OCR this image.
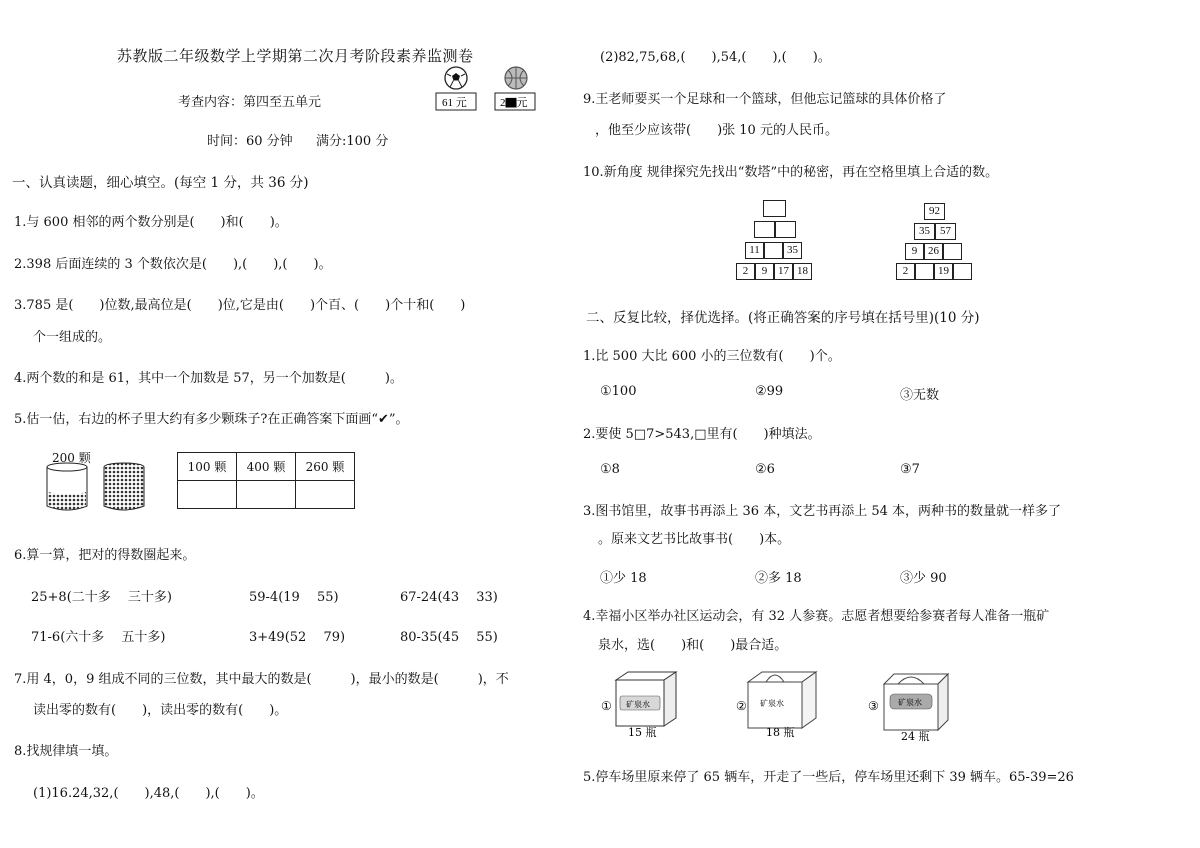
苏教版二年级数学上学期第二次月考阶段素养监测卷
考查内容：第四至五单元
时间：60 分钟 满分:100 分
61 元	2▇元
一、认真读题，细心填空。(每空 1 分，共 36 分)
1.与 600 相邻的两个数分别是(　　)和(　　)。
2.398 后面连续的 3 个数依次是(　　),(　　),(　　)。
3.785 是(　　)位数,最高位是(　　)位,它是由(　　)个百、(　　)个十和(　　)
个一组成的。
4.两个数的和是 61，其中一个加数是 57，另一个加数是(　　　)。
5.估一估，右边的杯子里大约有多少颗珠子?在正确答案下面画“✔”。
200 颗
100 颗	400 颗	260 颗

6.算一算，把对的得数圈起来。
25+8(二十多　 三十多)	59-4(19　 55)	67-24(43　 33)
71-6(六十多　 五十多)	3+49(52　 79)	80-35(45　 55)
7.用 4，0，9 组成不同的三位数，其中最大的数是(　　　)，最小的数是(　　　)，不
读出零的数有(　　)，读出零的数有(　　)。
8.找规律填一填。
(1)16.24,32,(　　),48,(　　),(　　)。
(2)82,75,68,(　　),54,(　　),(　　)。
9.王老师要买一个足球和一个篮球，但他忘记篮球的具体价格了
，他至少应该带(　　)张 10 元的人民币。
10.新角度 规律探究先找出“数塔”中的秘密，再在空格里填上合适的数。
11	35
2	9 17 18
92
35 57
9 26
2	19
二、反复比较，择优选择。(将正确答案的序号填在括号里)(10 分)
1.比 500 大比 600 小的三位数有(　　)个。
①100	②99	③无数
2.要使 5□7>543,□里有(　　)种填法。
①8	②6	③7
3.图书馆里，故事书再添上 36 本，文艺书再添上 54 本，两种书的数量就一样多了
。原来文艺书比故事书(　　)本。
①少 18	②多 18	③少 90
4.幸福小区举办社区运动会，有 32 人参赛。志愿者想要给参赛者每人准备一瓶矿
泉水，选(　　)和(　　)最合适。
① 矿泉水
15 瓶
② 矿泉水
18 瓶
③ 矿泉水
24 瓶
5.停车场里原来停了 65 辆车，开走了一些后，停车场里还剩下 39 辆车。65-39=26
